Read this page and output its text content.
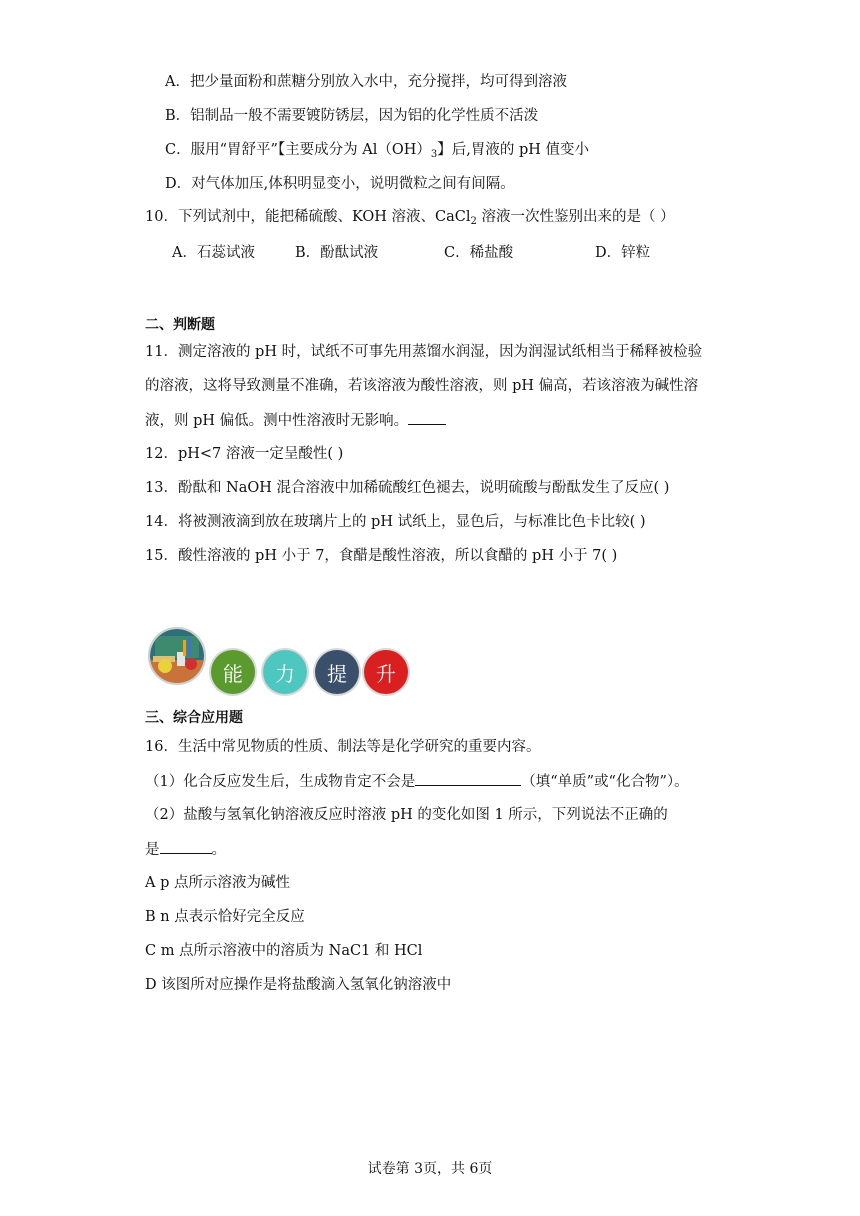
A．把少量面粉和蔗糖分别放入水中，充分搅拌，均可得到溶液
B．铝制品一般不需要镀防锈层，因为铝的化学性质不活泼
C．服用“胃舒平”【主要成分为 $Al(OH)_3$】后,胃液的 pH 值变小
D．对气体加压,体积明显变小，说明微粒之间有间隔。
10．下列试剂中，能把稀硫酸、KOH 溶液、CaCl$_2$ 溶液一次性鉴别出来的是（ ）
A．石蕊试液	B．酚酞试液	C．稀盐酸	D．锌粒
二、判断题
11．测定溶液的 pH 时，试纸不可事先用蒸馏水润湿，因为润湿试纸相当于稀释被检验
的溶液，这将导致测量不准确，若该溶液为酸性溶液，则 pH 偏高，若该溶液为碱性溶
液，则 pH 偏低。测中性溶液时无影响。
12．pH<7 溶液一定呈酸性( )
13．酚酞和 NaOH 混合溶液中加稀硫酸红色褪去，说明硫酸与酚酞发生了反应( )
14．将被测液滴到放在玻璃片上的 pH 试纸上，显色后，与标准比色卡比较( )
15．酸性溶液的 pH 小于 7，食醋是酸性溶液，所以食醋的 pH 小于 7( )
能	力	提	升
三、综合应用题
16．生活中常见物质的性质、制法等是化学研究的重要内容。
（1）化合反应发生后，生成物肯定不会是	（填“单质”或“化合物”）。
（2）盐酸与氢氧化钠溶液反应时溶液 pH 的变化如图 1 所示，下列说法不正确的
是	。
A p 点所示溶液为碱性
B n 点表示恰好完全反应
C m 点所示溶液中的溶质为 NaC1 和 HCl
D 该图所对应操作是将盐酸滴入氢氧化钠溶液中
试卷第 3页，共 6页
